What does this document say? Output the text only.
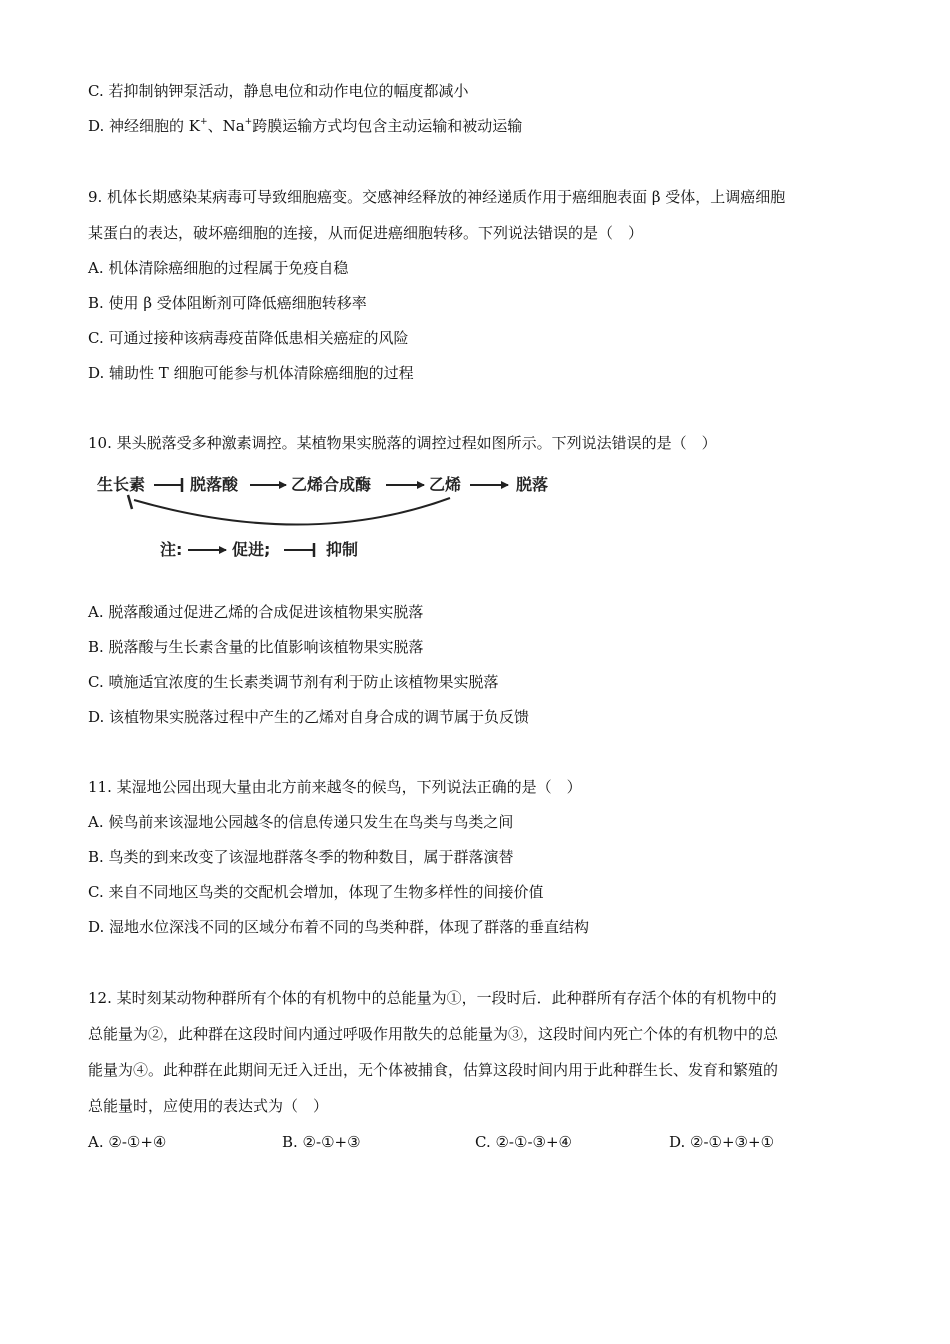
C. 若抑制钠钾泵活动，静息电位和动作电位的幅度都减小
D. 神经细胞的 K+、Na+跨膜运输方式均包含主动运输和被动运输
9. 机体长期感染某病毒可导致细胞癌变。交感神经释放的神经递质作用于癌细胞表面 β 受体，上调癌细胞
某蛋白的表达，破坏癌细胞的连接，从而促进癌细胞转移。下列说法错误的是（　）
A. 机体清除癌细胞的过程属于免疫自稳
B. 使用 β 受体阻断剂可降低癌细胞转移率
C. 可通过接种该病毒疫苗降低患相关癌症的风险
D. 辅助性 T 细胞可能参与机体清除癌细胞的过程
10. 果头脱落受多种激素调控。某植物果实脱落的调控过程如图所示。下列说法错误的是（　）
生长素	脱落酸	乙烯合成酶	乙烯	脱落
注:	促进;	抑制
A. 脱落酸通过促进乙烯的合成促进该植物果实脱落
B. 脱落酸与生长素含量的比值影响该植物果实脱落
C. 喷施适宜浓度的生长素类调节剂有利于防止该植物果实脱落
D. 该植物果实脱落过程中产生的乙烯对自身合成的调节属于负反馈
11. 某湿地公园出现大量由北方前来越冬的候鸟，下列说法正确的是（　）
A. 候鸟前来该湿地公园越冬的信息传递只发生在鸟类与鸟类之间
B. 鸟类的到来改变了该湿地群落冬季的物种数目，属于群落演替
C. 来自不同地区鸟类的交配机会增加，体现了生物多样性的间接价值
D. 湿地水位深浅不同的区域分布着不同的鸟类种群，体现了群落的垂直结构
12. 某时刻某动物种群所有个体的有机物中的总能量为①，一段时后．此种群所有存活个体的有机物中的
总能量为②，此种群在这段时间内通过呼吸作用散失的总能量为③，这段时间内死亡个体的有机物中的总
能量为④。此种群在此期间无迁入迁出，无个体被捕食，估算这段时间内用于此种群生长、发育和繁殖的
总能量时，应使用的表达式为（　）
A. ②-①+④	B. ②-①+③	C. ②-①-③+④	D. ②-①+③+①
